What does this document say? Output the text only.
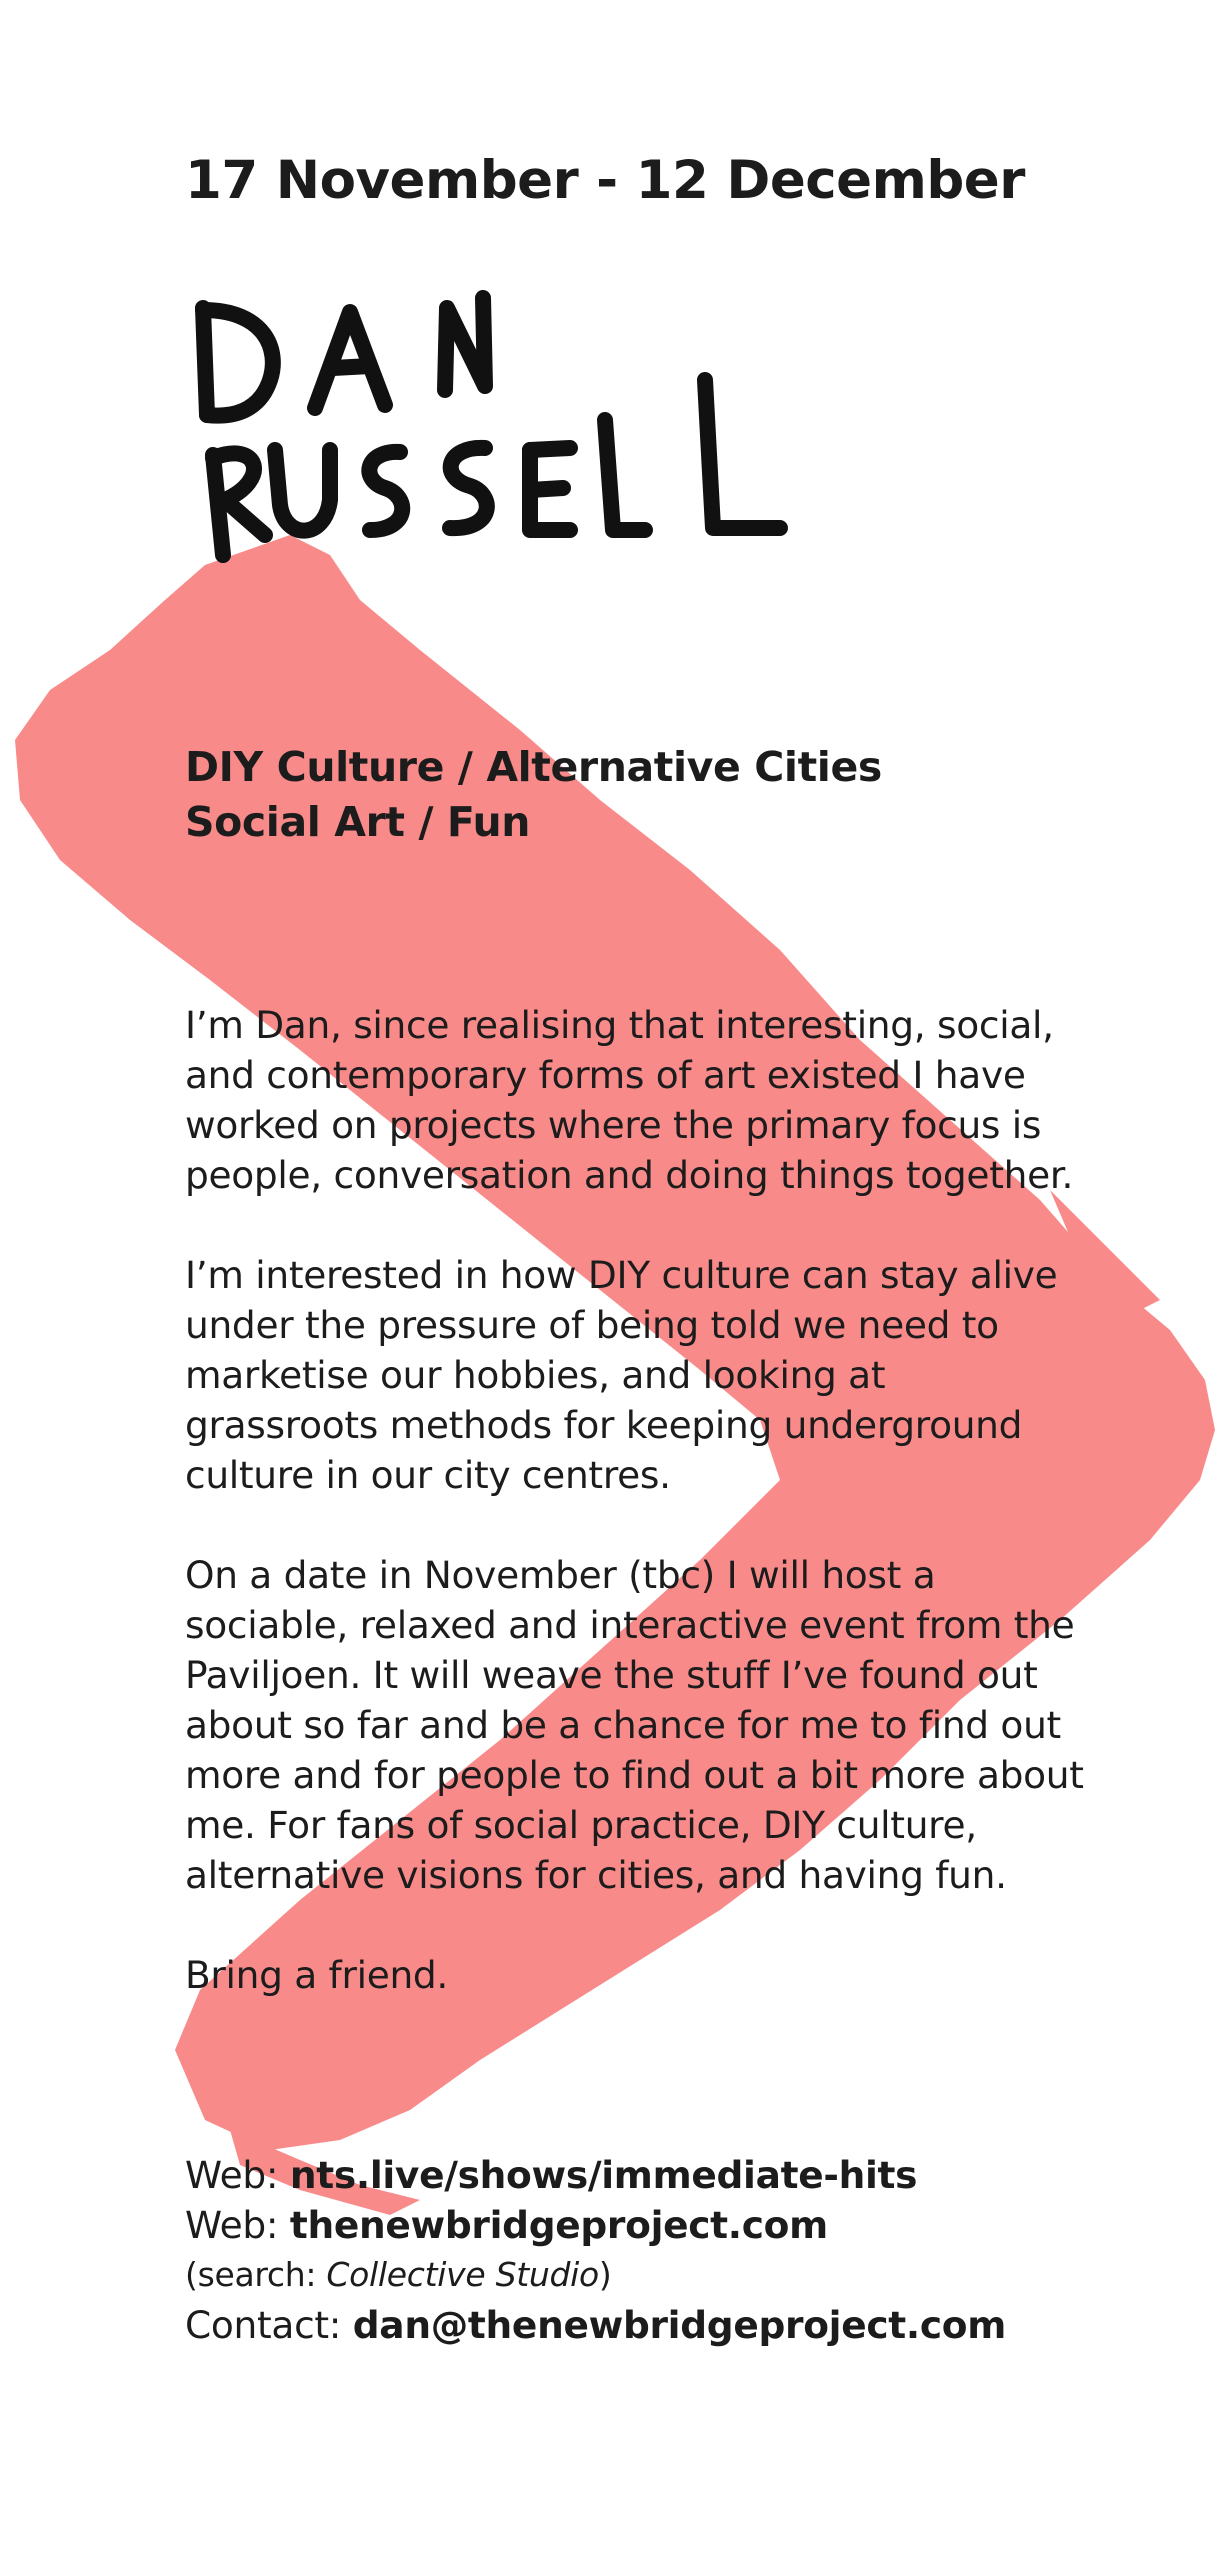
17 November - 12 December
DIY Culture / Alternative Cities
Social Art / Fun

I’m Dan, since realising that interesting, social,
and contemporary forms of art existed I have
worked on projects where the primary focus is
people, conversation and doing things together.

I’m interested in how DIY culture can stay alive
under the pressure of being told we need to
marketise our hobbies, and looking at
grassroots methods for keeping underground
culture in our city centres.

On a date in November (tbc) I will host a
sociable, relaxed and interactive event from the
Paviljoen. It will weave the stuff I’ve found out
about so far and be a chance for me to find out
more and for people to find out a bit more about
me. For fans of social practice, DIY culture,
alternative visions for cities, and having fun.

Bring a friend.

Web: nts.live/shows/immediate-hits
Web: thenewbridgeproject.com
(search: Collective Studio)
Contact: dan@thenewbridgeproject.com
